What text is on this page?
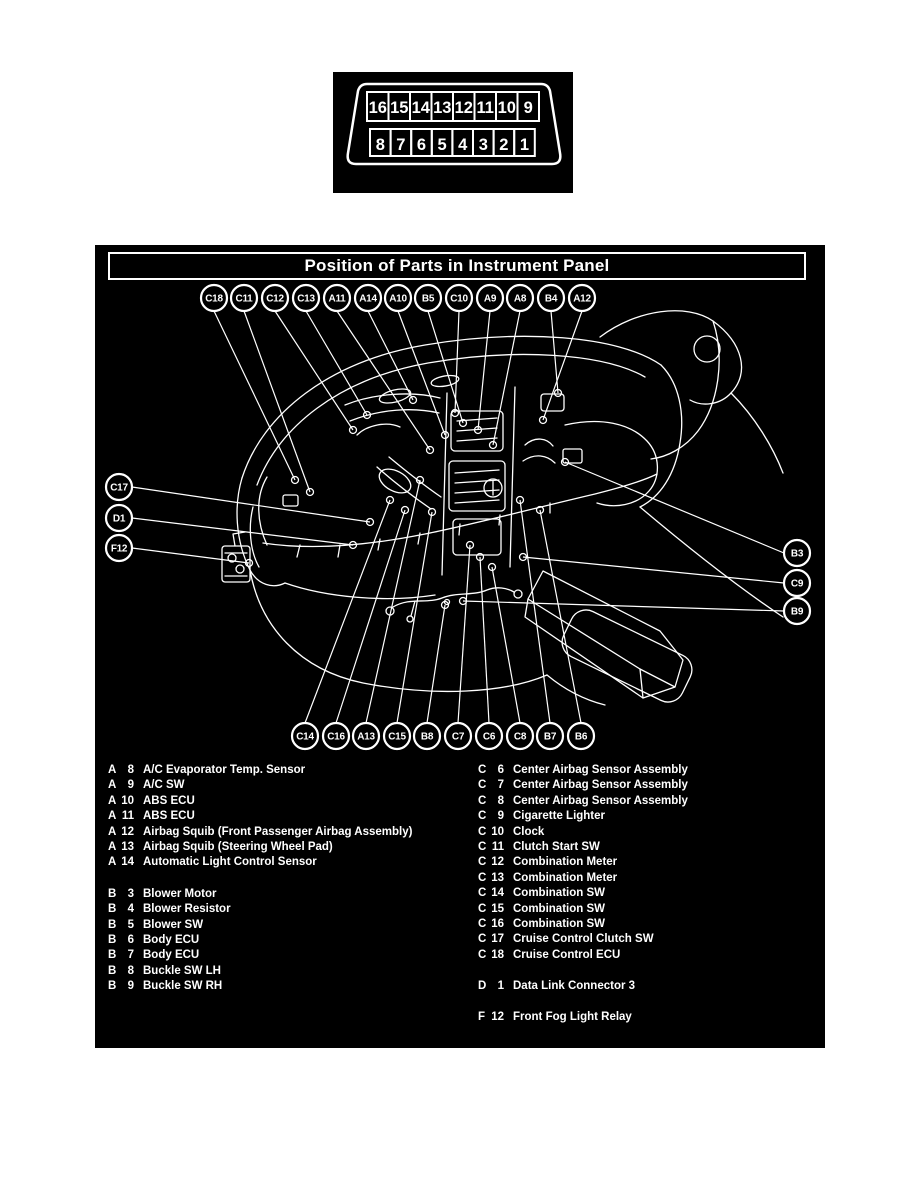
16 15 14 13 12 11 10 9
8 7 6 5 4 3 2 1
Position of Parts in Instrument Panel
C18 C11 C12 C13 A11 A14 A10 B5 C10 A9 A8 B4 A12
C14 C16 A13 C15 B8 C7 C6 C8 B7 B6
C17
D1
F12	B3
C9
B9
A 8 A/C Evaporator Temp. Sensor
A 9 A/C SW
A 10 ABS ECU
A 11 ABS ECU
A 12 Airbag Squib (Front Passenger Airbag Assembly)
A 13 Airbag Squib (Steering Wheel Pad)
A 14 Automatic Light Control Sensor
B 3 Blower Motor
B 4 Blower Resistor
B 5 Blower SW
B 6 Body ECU
B 7 Body ECU
B 8 Buckle SW LH
B 9 Buckle SW RH
C 6 Center Airbag Sensor Assembly
C 7 Center Airbag Sensor Assembly
C 8 Center Airbag Sensor Assembly
C 9 Cigarette Lighter
C 10 Clock
C 11 Clutch Start SW
C 12 Combination Meter
C 13 Combination Meter
C 14 Combination SW
C 15 Combination SW
C 16 Combination SW
C 17 Cruise Control Clutch SW
C 18 Cruise Control ECU
D 1 Data Link Connector 3
F 12 Front Fog Light Relay
